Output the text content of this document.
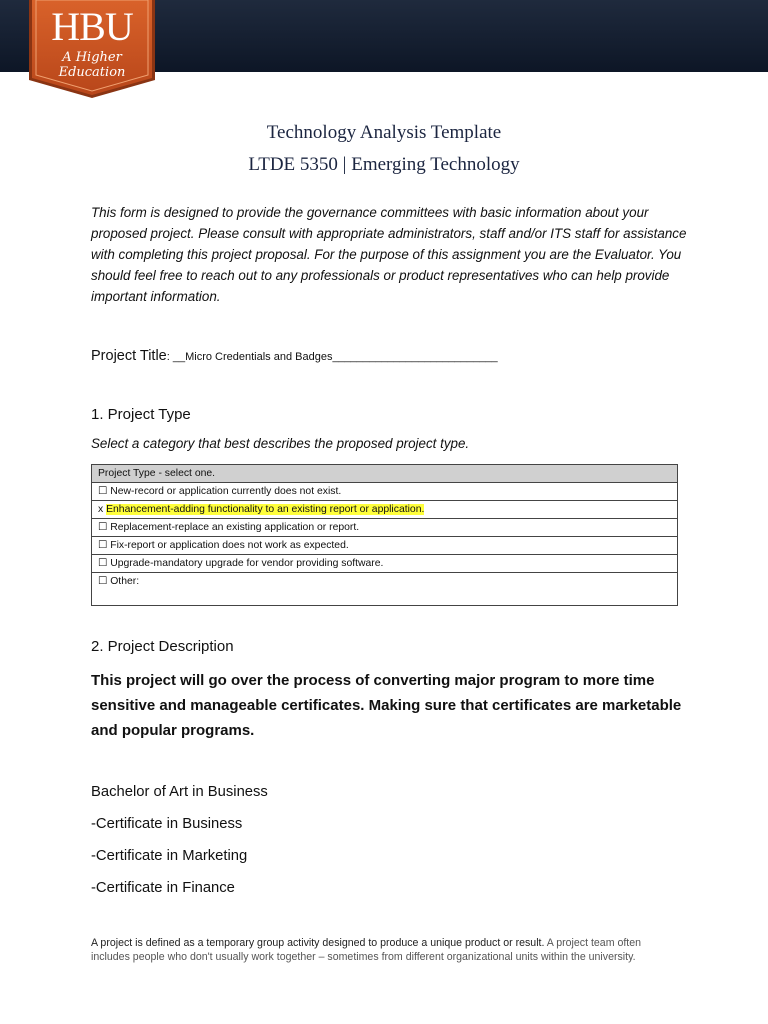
HBU
A Higher Education
Technology Analysis Template
LTDE 5350 | Emerging Technology
This form is designed to provide the governance committees with basic information about your proposed project. Please consult with appropriate administrators, staff and/or ITS staff for assistance with completing this project proposal. For the purpose of this assignment you are the Evaluator. You should feel free to reach out to any professionals or product representatives who can help provide important information.
Project Title: __Micro Credentials and Badges___________________________
1. Project Type
Select a category that best describes the proposed project type.
Project Type - select one.
☐ New-record or application currently does not exist.
x Enhancement-adding functionality to an existing report or application.
☐ Replacement-replace an existing application or report.
☐ Fix-report or application does not work as expected.
☐ Upgrade-mandatory upgrade for vendor providing software.
☐ Other:
2. Project Description
This project will go over the process of converting major program to more time sensitive and manageable certificates. Making sure that certificates are marketable and popular programs.
Bachelor of Art in Business
-Certificate in Business
-Certificate in Marketing
-Certificate in Finance
A project is defined as a temporary group activity designed to produce a unique product or result. A project team often includes people who don't usually work together – sometimes from different organizational units within the university.
